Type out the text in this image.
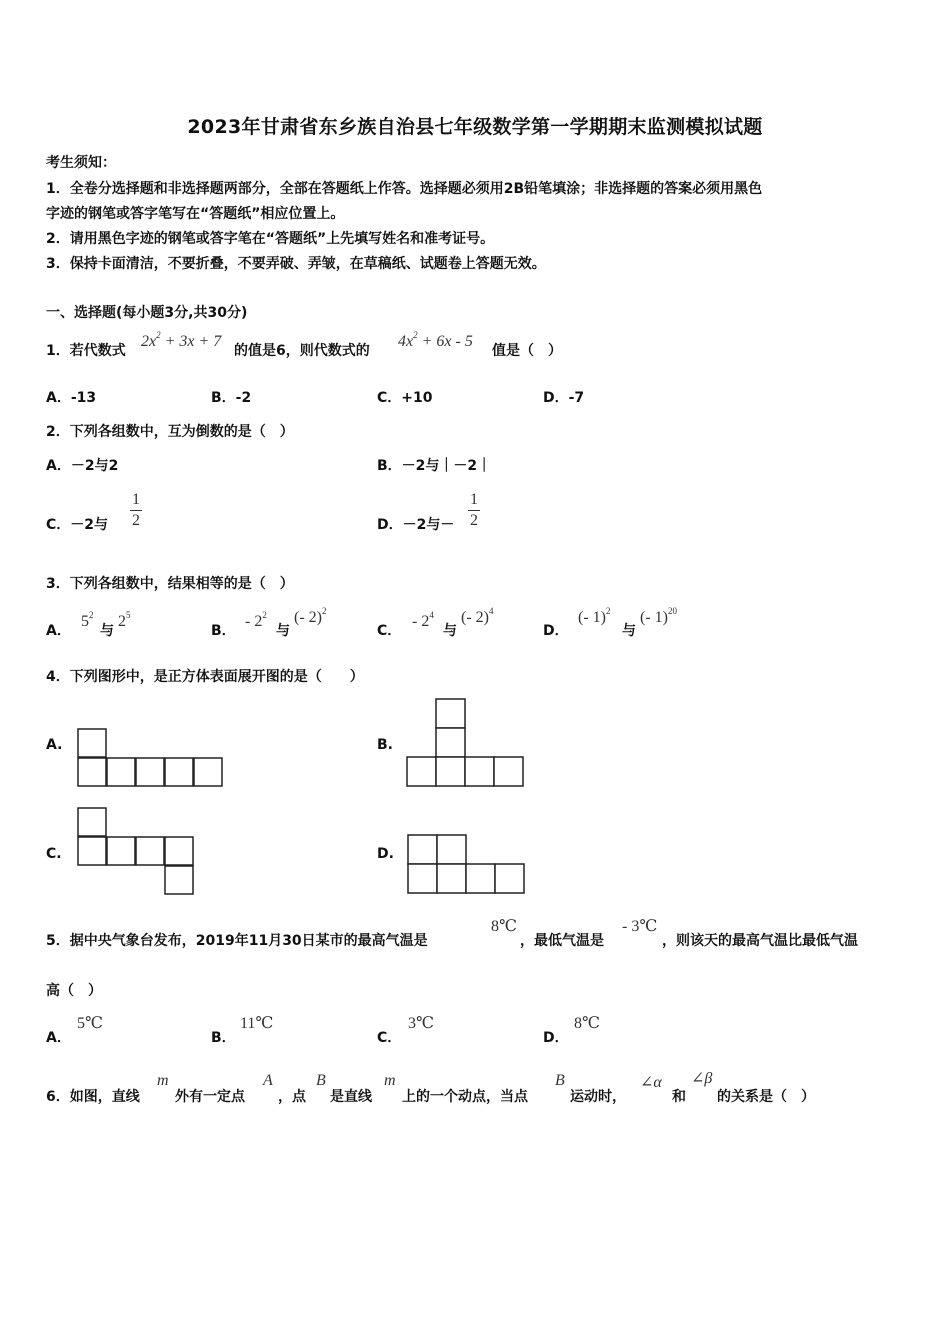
2023年甘肃省东乡族自治县七年级数学第一学期期末监测模拟试题
考生须知：
1．全卷分选择题和非选择题两部分，全部在答题纸上作答。选择题必须用2B铅笔填涂；非选择题的答案必须用黑色
字迹的钢笔或答字笔写在“答题纸”相应位置上。
2．请用黑色字迹的钢笔或答字笔在“答题纸”上先填写姓名和准考证号。
3．保持卡面清洁，不要折叠，不要弄破、弄皱，在草稿纸、试题卷上答题无效。
一、选择题(每小题3分,共30分)
1．若代数式
$2x^2 + 3x + 7$
的值是6，则代数式的
$4x^2 + 6x - 5$
值是（　）
A．-13	B．-2	C．+10	D．-7
2．下列各组数中，互为倒数的是（　）
A．－2与2	B．－2与｜－2｜
C．－2与 $\frac{1}{2}$	D．－2与－ $\frac{1}{2}$
3．下列各组数中，结果相等的是（　）
A．
$5^2$
与
$2^5$
B．
- $2^2$
与
(- 2)$^2$
C．
- $2^4$
与
(- 2)$^4$
D．
(- 1)$^2$
与
(- 1)$^{20}$
4．下列图形中，是正方体表面展开图的是（　　）
A.	B.
C.	D.
5．据中央气象台发布，2019年11月30日某市的最高气温是
8℃
，最低气温是
- 3℃
，则该天的最高气温比最低气温
高（　）
A．
5℃
B．
11℃
C．
3℃
D．
8℃
6．如图，直线
m
外有一定点
A
，点
B
是直线
m
上的一个动点，当点
B
运动时，
∠α
和
∠β
的关系是（　）
